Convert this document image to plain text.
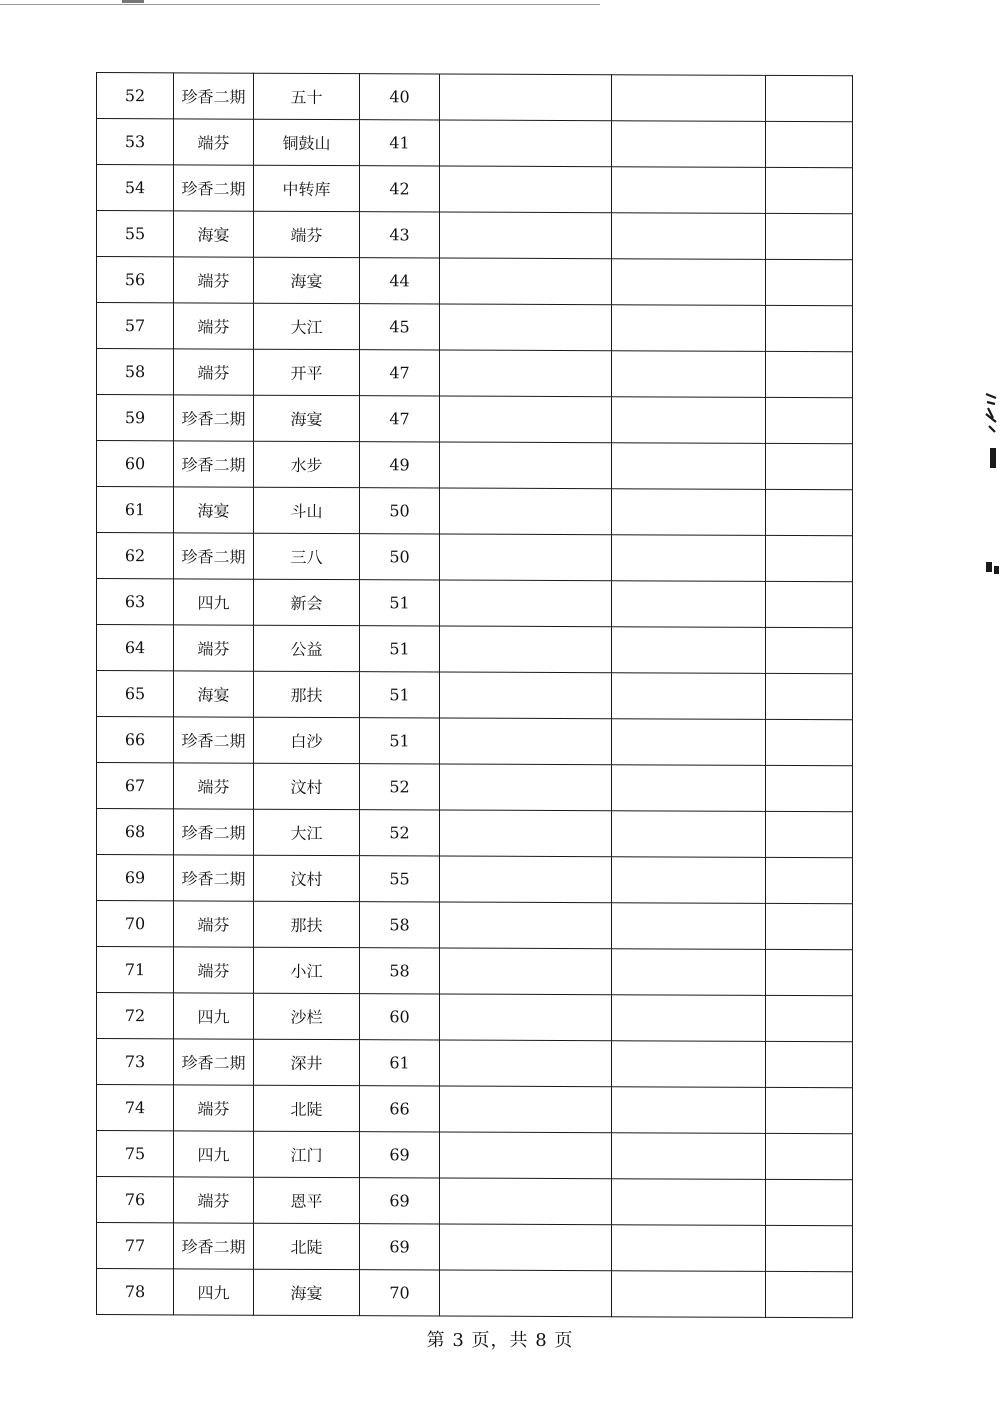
52	珍香二期	五十	40			
53	端芬	铜鼓山	41			
54	珍香二期	中转库	42			
55	海宴	端芬	43			
56	端芬	海宴	44			
57	端芬	大江	45			
58	端芬	开平	47			
59	珍香二期	海宴	47			
60	珍香二期	水步	49			
61	海宴	斗山	50			
62	珍香二期	三八	50			
63	四九	新会	51			
64	端芬	公益	51			
65	海宴	那扶	51			
66	珍香二期	白沙	51			
67	端芬	汶村	52			
68	珍香二期	大江	52			
69	珍香二期	汶村	55			
70	端芬	那扶	58			
71	端芬	小江	58			
72	四九	沙栏	60			
73	珍香二期	深井	61			
74	端芬	北陡	66			
75	四九	江门	69			
76	端芬	恩平	69			
77	珍香二期	北陡	69			
78	四九	海宴	70			
第 3 页，共 8 页
